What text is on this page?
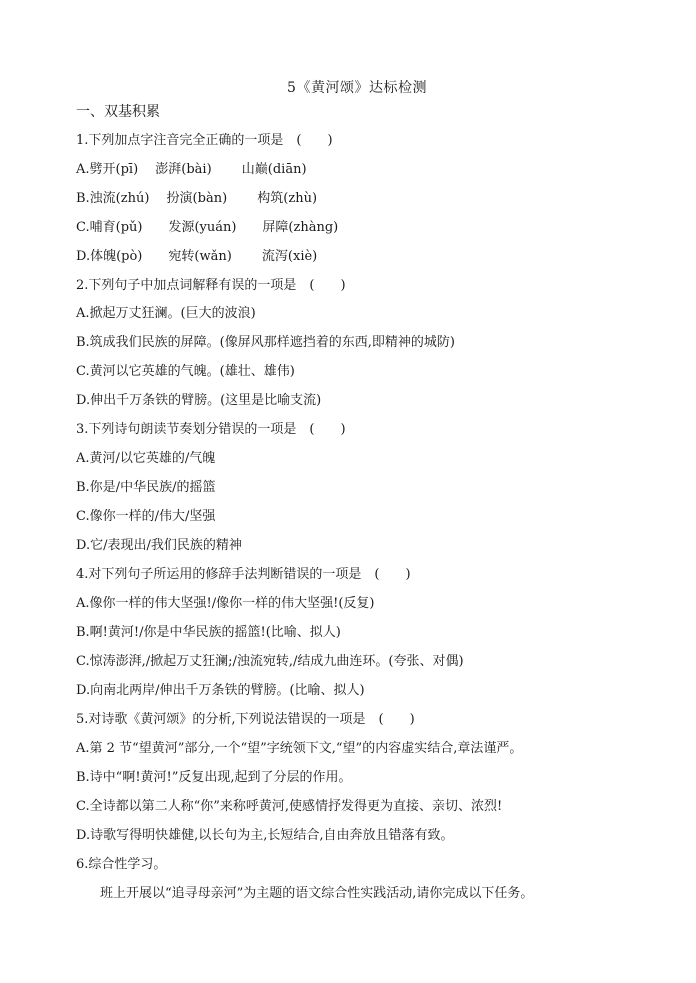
5《黄河颂》达标检测
一、双基积累
1.下列加点字注音完全正确的一项是　(　　)
A.劈开(pī)　 澎湃(bài)　　 山巅(diān)
B.浊流(zhú)　 扮演(bàn)　　 构筑(zhù)
C.哺育(pǔ)　　发源(yuán)　　屏障(zhàng)
D.体魄(pò)　　宛转(wǎn)　　 流泻(xiè)
2.下列句子中加点词解释有误的一项是　(　　)
A.掀起万丈狂澜。(巨大的波浪)
B.筑成我们民族的屏障。(像屏风那样遮挡着的东西,即精神的城防)
C.黄河以它英雄的气魄。(雄壮、雄伟)
D.伸出千万条铁的臂膀。(这里是比喻支流)
3.下列诗句朗读节奏划分错误的一项是　(　　)
A.黄河/以它英雄的/气魄
B.你是/中华民族/的摇篮
C.像你一样的/伟大/坚强
D.它/表现出/我们民族的精神
4.对下列句子所运用的修辞手法判断错误的一项是　(　　)
A.像你一样的伟大坚强!/像你一样的伟大坚强!(反复)
B.啊!黄河!/你是中华民族的摇篮!(比喻、拟人)
C.惊涛澎湃,/掀起万丈狂澜;/浊流宛转,/结成九曲连环。(夸张、对偶)
D.向南北两岸/伸出千万条铁的臂膀。(比喻、拟人)
5.对诗歌《黄河颂》的分析,下列说法错误的一项是　(　　)
A.第 2 节“望黄河”部分,一个“望”字统领下文,“望”的内容虚实结合,章法谨严。
B.诗中“啊!黄河!”反复出现,起到了分层的作用。
C.全诗都以第二人称“你”来称呼黄河,使感情抒发得更为直接、亲切、浓烈!
D.诗歌写得明快雄健,以长句为主,长短结合,自由奔放且错落有致。
6.综合性学习。
班上开展以“追寻母亲河”为主题的语文综合性实践活动,请你完成以下任务。
